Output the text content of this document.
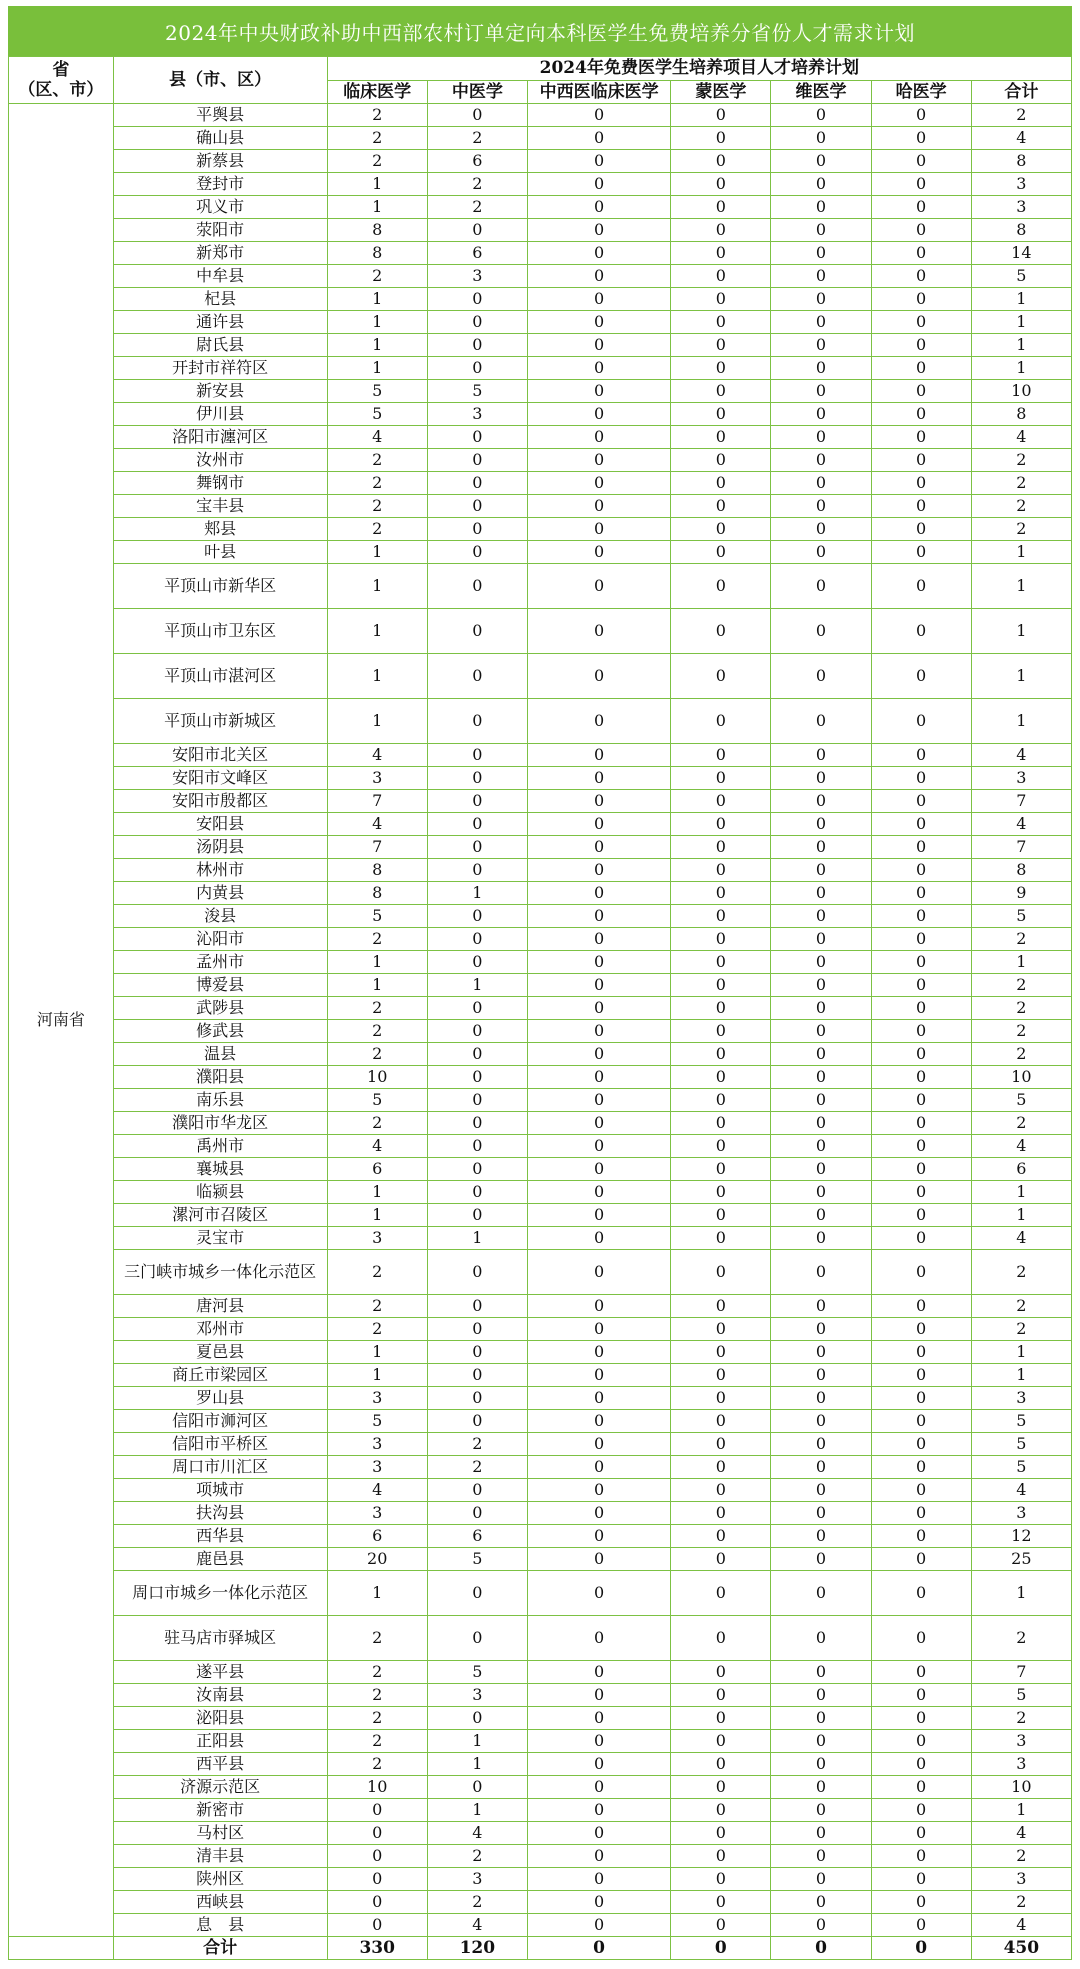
2024年中央财政补助中西部农村订单定向本科医学生免费培养分省份人才需求计划
省
（区、市）	县（市、区）	2024年免费医学生培养项目人才培养计划						
		临床医学	中医学	中西医临床医学	蒙医学	维医学	哈医学	合计
河南省	平舆县	2	0	0	0	0	0	2
	确山县	2	2	0	0	0	0	4
	新蔡县	2	6	0	0	0	0	8
	登封市	1	2	0	0	0	0	3
	巩义市	1	2	0	0	0	0	3
	荥阳市	8	0	0	0	0	0	8
	新郑市	8	6	0	0	0	0	14
	中牟县	2	3	0	0	0	0	5
	杞县	1	0	0	0	0	0	1
	通许县	1	0	0	0	0	0	1
	尉氏县	1	0	0	0	0	0	1
	开封市祥符区	1	0	0	0	0	0	1
	新安县	5	5	0	0	0	0	10
	伊川县	5	3	0	0	0	0	8
	洛阳市瀍河区	4	0	0	0	0	0	4
	汝州市	2	0	0	0	0	0	2
	舞钢市	2	0	0	0	0	0	2
	宝丰县	2	0	0	0	0	0	2
	郏县	2	0	0	0	0	0	2
	叶县	1	0	0	0	0	0	1
	平顶山市新华区	1	0	0	0	0	0	1
	平顶山市卫东区	1	0	0	0	0	0	1
	平顶山市湛河区	1	0	0	0	0	0	1
	平顶山市新城区	1	0	0	0	0	0	1
	安阳市北关区	4	0	0	0	0	0	4
	安阳市文峰区	3	0	0	0	0	0	3
	安阳市殷都区	7	0	0	0	0	0	7
	安阳县	4	0	0	0	0	0	4
	汤阴县	7	0	0	0	0	0	7
	林州市	8	0	0	0	0	0	8
	内黄县	8	1	0	0	0	0	9
	浚县	5	0	0	0	0	0	5
	沁阳市	2	0	0	0	0	0	2
	孟州市	1	0	0	0	0	0	1
	博爱县	1	1	0	0	0	0	2
	武陟县	2	0	0	0	0	0	2
	修武县	2	0	0	0	0	0	2
	温县	2	0	0	0	0	0	2
	濮阳县	10	0	0	0	0	0	10
	南乐县	5	0	0	0	0	0	5
	濮阳市华龙区	2	0	0	0	0	0	2
	禹州市	4	0	0	0	0	0	4
	襄城县	6	0	0	0	0	0	6
	临颍县	1	0	0	0	0	0	1
	漯河市召陵区	1	0	0	0	0	0	1
	灵宝市	3	1	0	0	0	0	4
	三门峡市城乡一体化示范区	2	0	0	0	0	0	2
	唐河县	2	0	0	0	0	0	2
	邓州市	2	0	0	0	0	0	2
	夏邑县	1	0	0	0	0	0	1
	商丘市梁园区	1	0	0	0	0	0	1
	罗山县	3	0	0	0	0	0	3
	信阳市浉河区	5	0	0	0	0	0	5
	信阳市平桥区	3	2	0	0	0	0	5
	周口市川汇区	3	2	0	0	0	0	5
	项城市	4	0	0	0	0	0	4
	扶沟县	3	0	0	0	0	0	3
	西华县	6	6	0	0	0	0	12
	鹿邑县	20	5	0	0	0	0	25
	周口市城乡一体化示范区	1	0	0	0	0	0	1
	驻马店市驿城区	2	0	0	0	0	0	2
	遂平县	2	5	0	0	0	0	7
	汝南县	2	3	0	0	0	0	5
	泌阳县	2	0	0	0	0	0	2
	正阳县	2	1	0	0	0	0	3
	西平县	2	1	0	0	0	0	3
	济源示范区	10	0	0	0	0	0	10
	新密市	0	1	0	0	0	0	1
	马村区	0	4	0	0	0	0	4
	清丰县	0	2	0	0	0	0	2
	陕州区	0	3	0	0	0	0	3
	西峡县	0	2	0	0	0	0	2
	息　县	0	4	0	0	0	0	4
	合计	330	120	0	0	0	0	450
